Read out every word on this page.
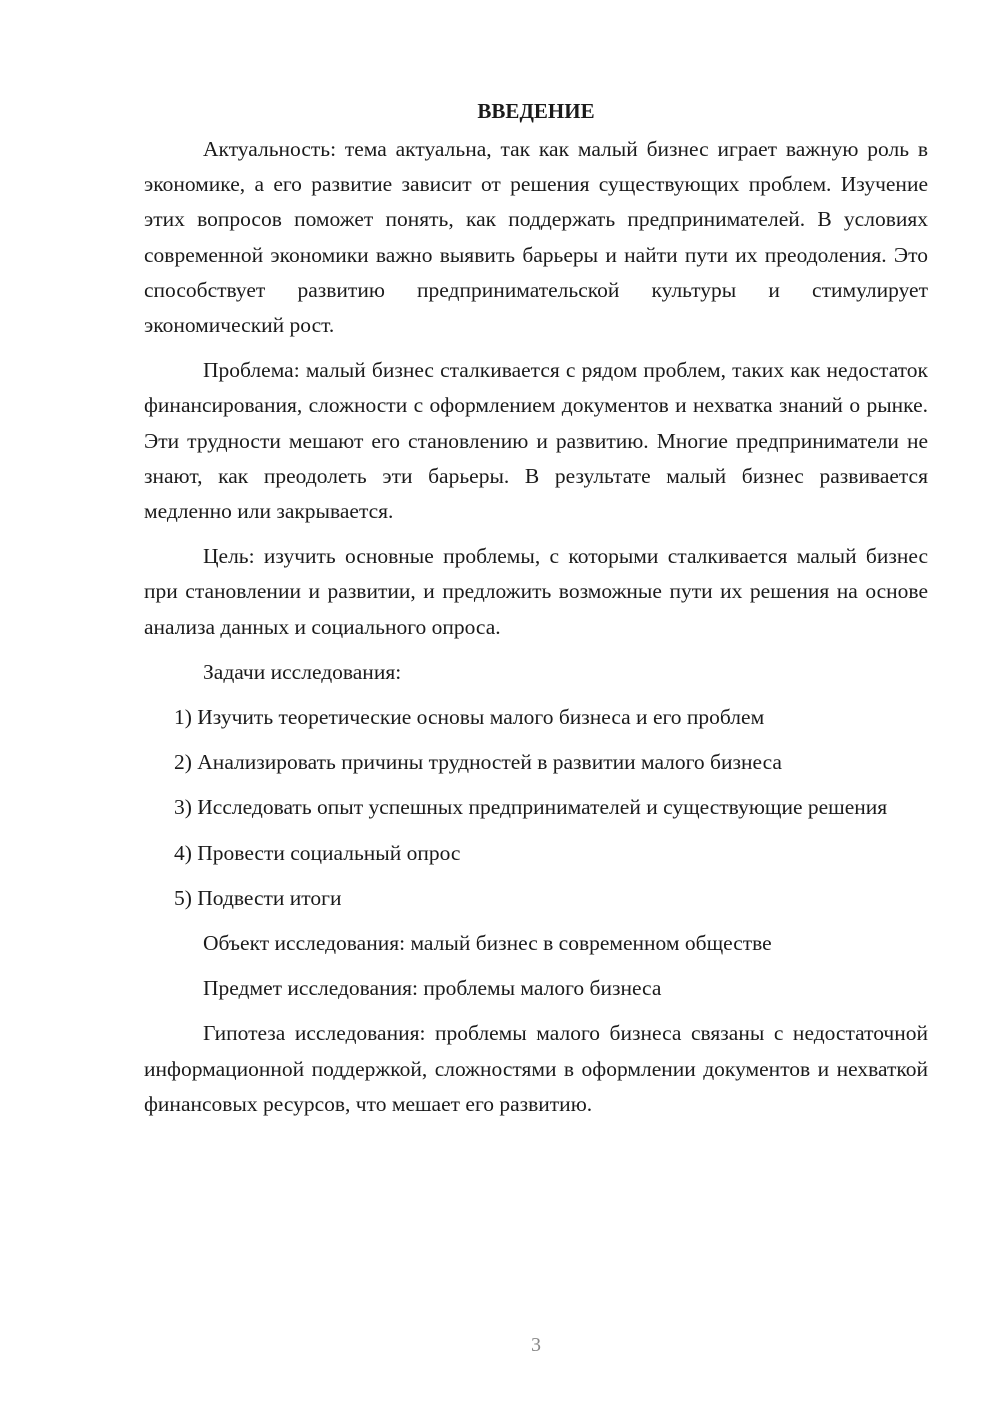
ВВЕДЕНИЕ

Актуальность: тема актуальна, так как малый бизнес играет важную роль в экономике, а его развитие зависит от решения существующих проблем. Изучение этих вопросов поможет понять, как поддержать предпринимателей. В условиях современной экономики важно выявить барьеры и найти пути их преодоления. Это способствует развитию предпринимательской культуры и стимулирует экономический рост.

Проблема: малый бизнес сталкивается с рядом проблем, таких как недостаток финансирования, сложности с оформлением документов и нехватка знаний о рынке. Эти трудности мешают его становлению и развитию. Многие предприниматели не знают, как преодолеть эти барьеры. В результате малый бизнес развивается медленно или закрывается.

Цель: изучить основные проблемы, с которыми сталкивается малый бизнес при становлении и развитии, и предложить возможные пути их решения на основе анализа данных и социального опроса.

Задачи исследования:

1) Изучить теоретические основы малого бизнеса и его проблем

2) Анализировать причины трудностей в развитии малого бизнеса

3) Исследовать опыт успешных предпринимателей и существующие решения

4) Провести социальный опрос

5) Подвести итоги

Объект исследования: малый бизнес в современном обществе

Предмет исследования: проблемы малого бизнеса

Гипотеза исследования: проблемы малого бизнеса связаны с недостаточной информационной поддержкой, сложностями в оформлении документов и нехваткой финансовых ресурсов, что мешает его развитию.

3
